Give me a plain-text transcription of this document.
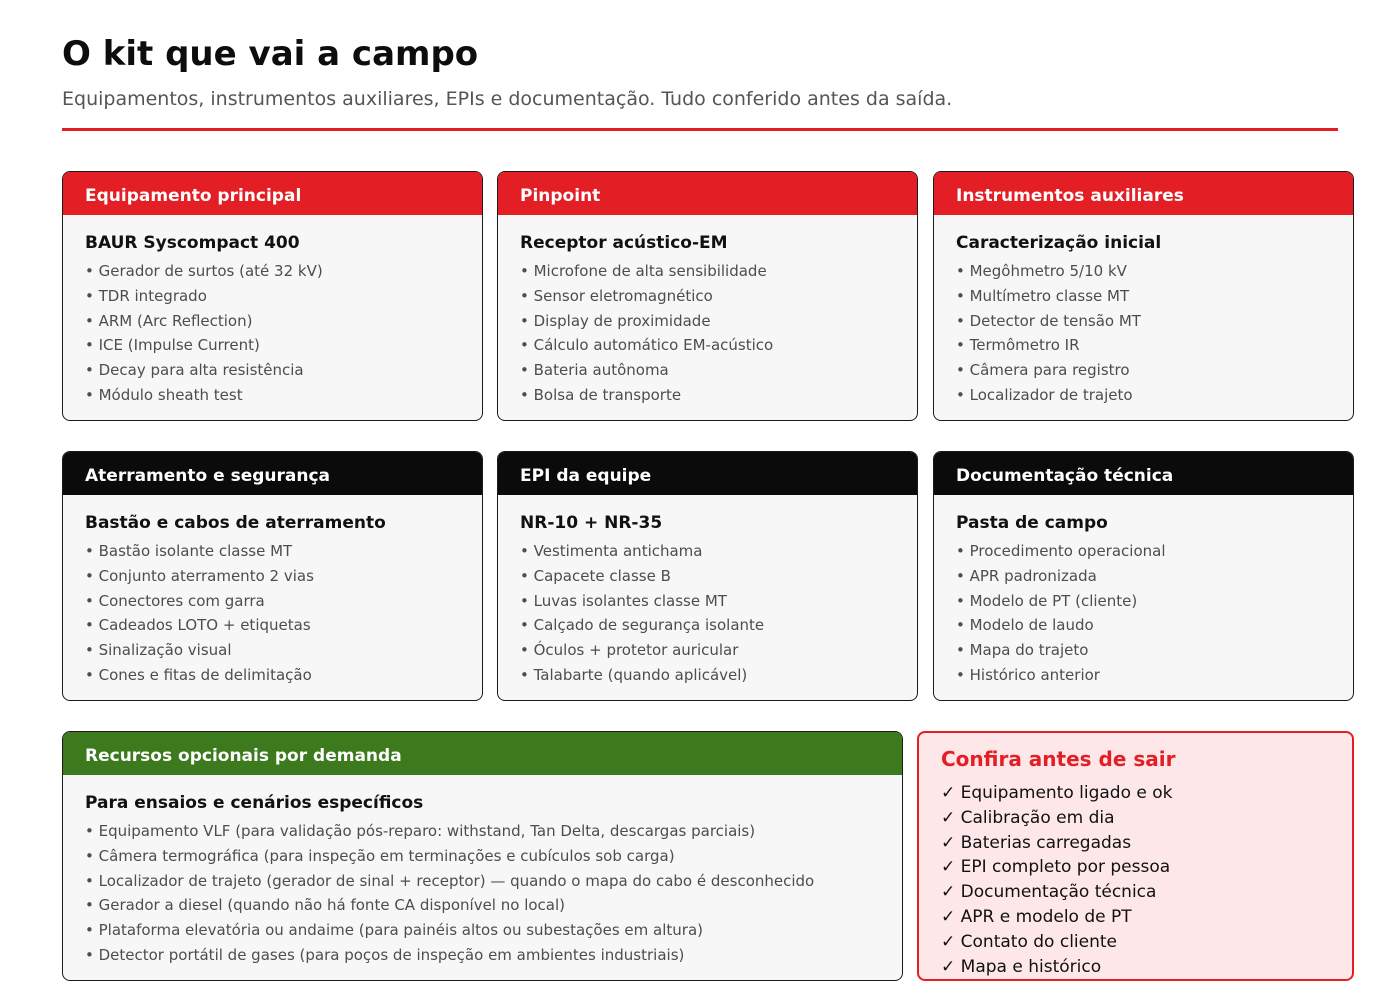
O kit que vai a campo
Equipamentos, instrumentos auxiliares, EPIs e documentação. Tudo conferido antes da saída.
Equipamento principal
BAUR Syscompact 400
• Gerador de surtos (até 32 kV)
• TDR integrado
• ARM (Arc Reflection)
• ICE (Impulse Current)
• Decay para alta resistência
• Módulo sheath test
Pinpoint
Receptor acústico-EM
• Microfone de alta sensibilidade
• Sensor eletromagnético
• Display de proximidade
• Cálculo automático EM-acústico
• Bateria autônoma
• Bolsa de transporte
Instrumentos auxiliares
Caracterização inicial
• Megôhmetro 5/10 kV
• Multímetro classe MT
• Detector de tensão MT
• Termômetro IR
• Câmera para registro
• Localizador de trajeto
Aterramento e segurança
Bastão e cabos de aterramento
• Bastão isolante classe MT
• Conjunto aterramento 2 vias
• Conectores com garra
• Cadeados LOTO + etiquetas
• Sinalização visual
• Cones e fitas de delimitação
EPI da equipe
NR-10 + NR-35
• Vestimenta antichama
• Capacete classe B
• Luvas isolantes classe MT
• Calçado de segurança isolante
• Óculos + protetor auricular
• Talabarte (quando aplicável)
Documentação técnica
Pasta de campo
• Procedimento operacional
• APR padronizada
• Modelo de PT (cliente)
• Modelo de laudo
• Mapa do trajeto
• Histórico anterior
Recursos opcionais por demanda
Para ensaios e cenários específicos
• Equipamento VLF (para validação pós-reparo: withstand, Tan Delta, descargas parciais)
• Câmera termográfica (para inspeção em terminações e cubículos sob carga)
• Localizador de trajeto (gerador de sinal + receptor) — quando o mapa do cabo é desconhecido
• Gerador a diesel (quando não há fonte CA disponível no local)
• Plataforma elevatória ou andaime (para painéis altos ou subestações em altura)
• Detector portátil de gases (para poços de inspeção em ambientes industriais)
Confira antes de sair
✓ Equipamento ligado e ok
✓ Calibração em dia
✓ Baterias carregadas
✓ EPI completo por pessoa
✓ Documentação técnica
✓ APR e modelo de PT
✓ Contato do cliente
✓ Mapa e histórico
